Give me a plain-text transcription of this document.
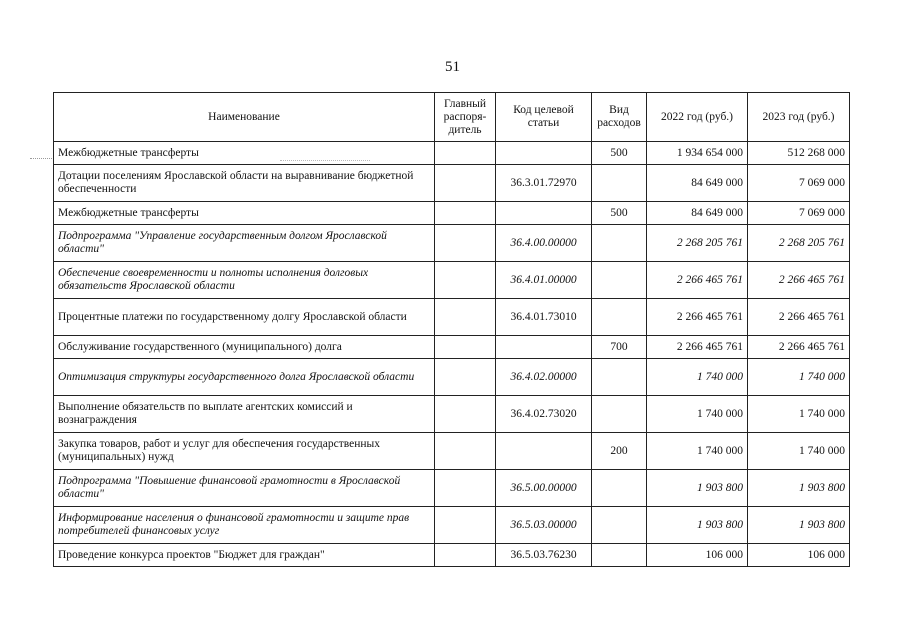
51
Наименование	Главный распоря-дитель	Код целевой статьи	Вид расходов	2022 год (руб.)	2023 год (руб.)
Межбюджетные трансферты			500	1 934 654 000	512 268 000
Дотации поселениям Ярославской области на выравнивание бюджетной обеспеченности		36.3.01.72970		84 649 000	7 069 000
Межбюджетные трансферты			500	84 649 000	7 069 000
Подпрограмма "Управление государственным долгом Ярославской области"		36.4.00.00000		2 268 205 761	2 268 205 761
Обеспечение своевременности и полноты исполнения долговых обязательств Ярославской области		36.4.01.00000		2 266 465 761	2 266 465 761
Процентные платежи по государственному долгу Ярославской области		36.4.01.73010		2 266 465 761	2 266 465 761
Обслуживание государственного (муниципального) долга			700	2 266 465 761	2 266 465 761
Оптимизация структуры государственного долга Ярославской области		36.4.02.00000		1 740 000	1 740 000
Выполнение обязательств по выплате агентских комиссий и вознаграждения		36.4.02.73020		1 740 000	1 740 000
Закупка товаров, работ и услуг для обеспечения государственных (муниципальных) нужд			200	1 740 000	1 740 000
Подпрограмма "Повышение финансовой грамотности в Ярославской области"		36.5.00.00000		1 903 800	1 903 800
Информирование населения о финансовой грамотности и защите прав потребителей финансовых услуг		36.5.03.00000		1 903 800	1 903 800
Проведение конкурса проектов "Бюджет для граждан"		36.5.03.76230		106 000	106 000
